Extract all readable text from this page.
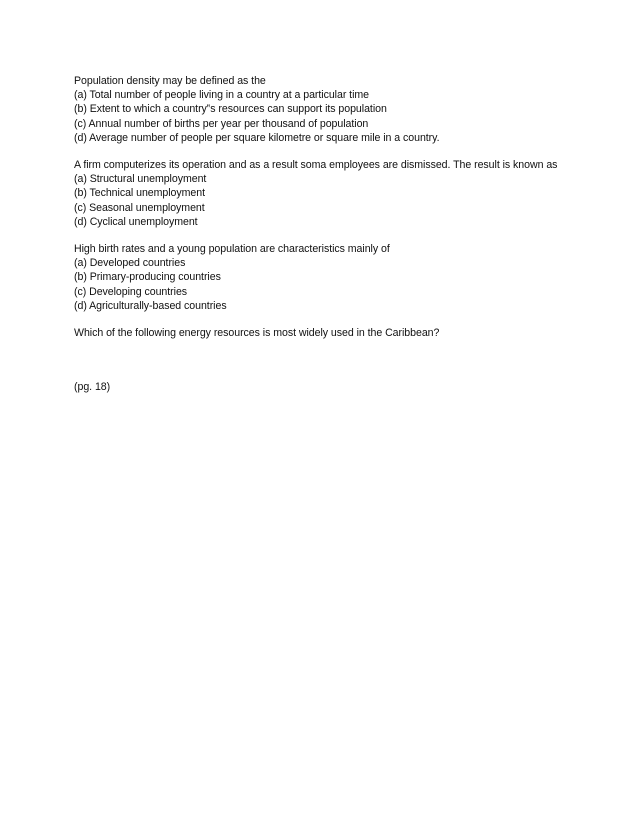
Population density may be defined as the
(a) Total number of people living in a country at a particular time
(b) Extent to which a country‟s resources can support its population
(c) Annual number of births per year per thousand of population
(d) Average number of people per square kilometre or square mile in a country.
A firm computerizes its operation and as a result soma employees are dismissed. The result is known as
(a) Structural unemployment
(b) Technical unemployment
(c) Seasonal unemployment
(d) Cyclical unemployment
High birth rates and a young population are characteristics mainly of
(a) Developed countries
(b) Primary-producing countries
(c) Developing countries
(d) Agriculturally-based countries
Which of the following energy resources is most widely used in the Caribbean?
(pg. 18)
